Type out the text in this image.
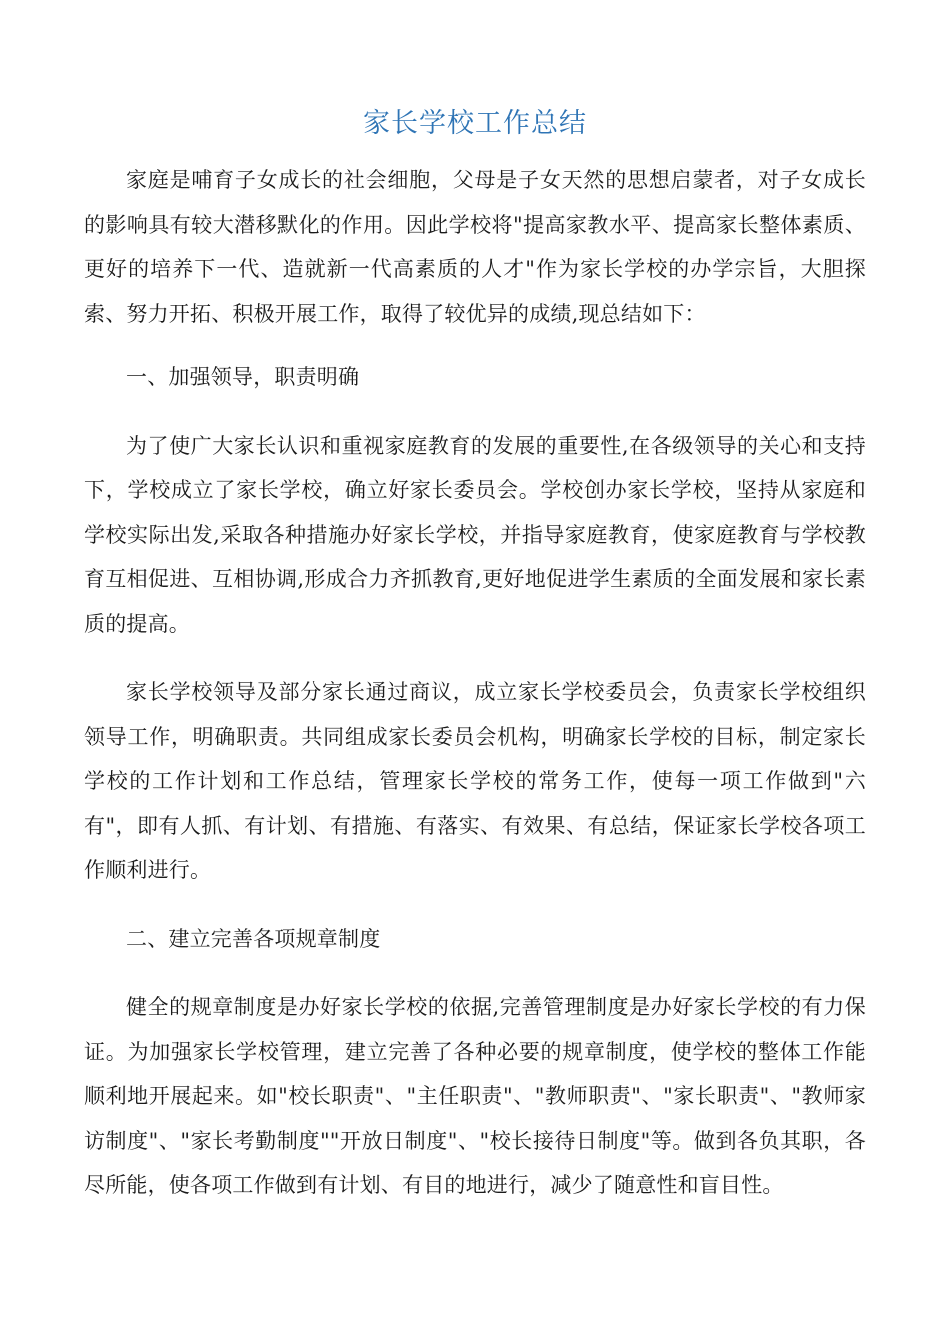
家长学校工作总结

家庭是哺育子女成长的社会细胞，父母是子女天然的思想启蒙者，对子女成长的影响具有较大潜移默化的作用。因此学校将"提高家教水平、提高家长整体素质、更好的培养下一代、造就新一代高素质的人才"作为家长学校的办学宗旨，大胆探索、努力开拓、积极开展工作，取得了较优异的成绩,现总结如下：

一、加强领导，职责明确

为了使广大家长认识和重视家庭教育的发展的重要性,在各级领导的关心和支持下，学校成立了家长学校，确立好家长委员会。学校创办家长学校，坚持从家庭和学校实际出发,采取各种措施办好家长学校，并指导家庭教育，使家庭教育与学校教育互相促进、互相协调,形成合力齐抓教育,更好地促进学生素质的全面发展和家长素质的提高。

家长学校领导及部分家长通过商议，成立家长学校委员会，负责家长学校组织领导工作，明确职责。共同组成家长委员会机构，明确家长学校的目标，制定家长学校的工作计划和工作总结，管理家长学校的常务工作，使每一项工作做到"六有"，即有人抓、有计划、有措施、有落实、有效果、有总结，保证家长学校各项工作顺利进行。

二、建立完善各项规章制度

健全的规章制度是办好家长学校的依据,完善管理制度是办好家长学校的有力保证。为加强家长学校管理，建立完善了各种必要的规章制度，使学校的整体工作能顺利地开展起来。如"校长职责"、"主任职责"、"教师职责"、"家长职责"、"教师家访制度"、"家长考勤制度""开放日制度"、"校长接待日制度"等。做到各负其职，各尽所能，使各项工作做到有计划、有目的地进行，减少了随意性和盲目性。
